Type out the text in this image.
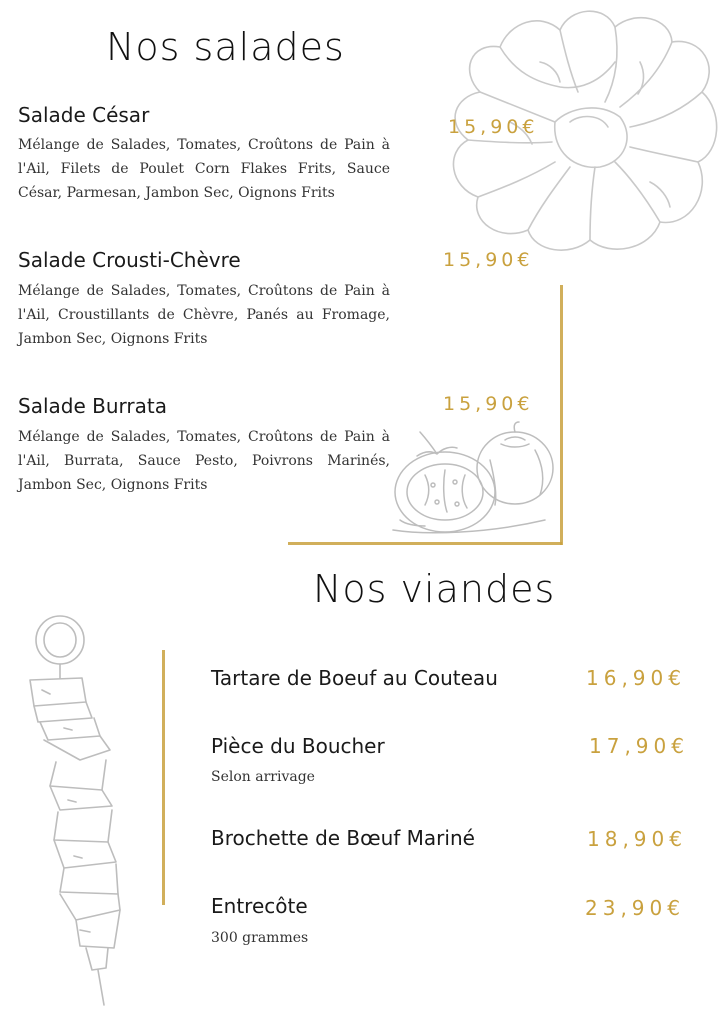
Nos salades
Salade César	15,90€
Mélange de Salades, Tomates, Croûtons de Pain à l'Ail, Filets de Poulet Corn Flakes Frits, Sauce César, Parmesan, Jambon Sec, Oignons Frits
Salade Crousti-Chèvre	15,90€
Mélange de Salades, Tomates, Croûtons de Pain à l'Ail, Croustillants de Chèvre, Panés au Fromage, Jambon Sec, Oignons Frits
Salade Burrata	15,90€
Mélange de Salades, Tomates, Croûtons de Pain à l'Ail, Burrata, Sauce Pesto, Poivrons Marinés, Jambon Sec, Oignons Frits
Nos viandes
Tartare de Boeuf au Couteau	16,90€
Pièce du Boucher	17,90€
Selon arrivage
Brochette de Bœuf Mariné	18,90€
Entrecôte	23,90€
300 grammes
